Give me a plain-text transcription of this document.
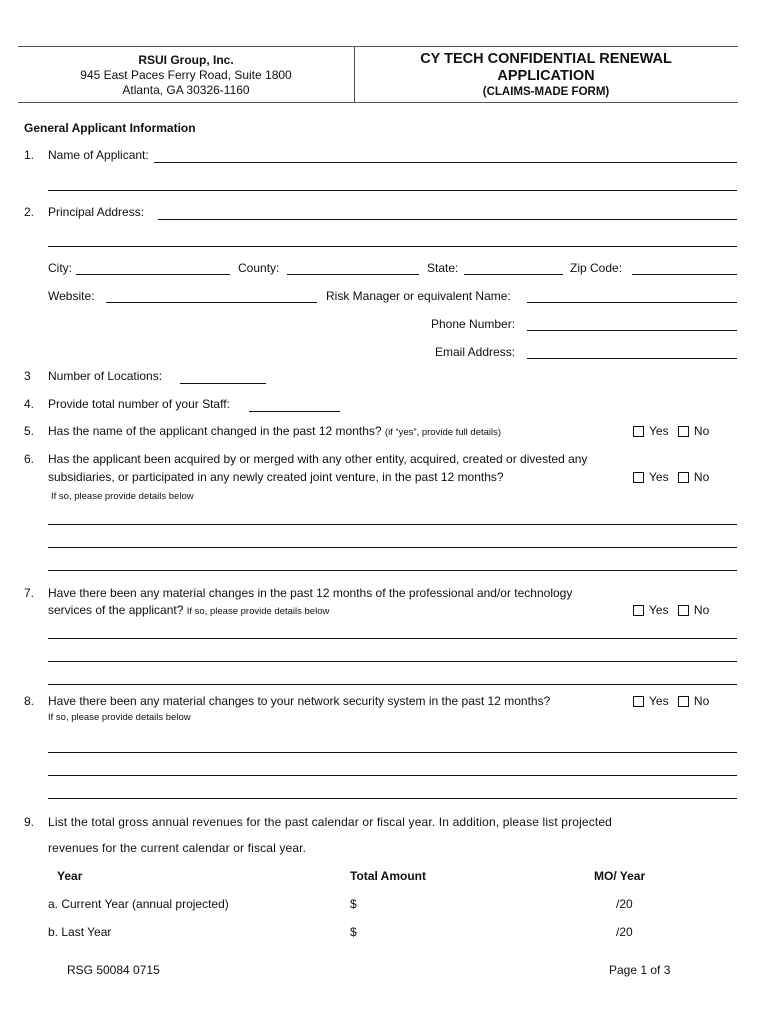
RSUI Group, Inc.
945 East Paces Ferry Road, Suite 1800
Atlanta, GA 30326-1160
CY TECH CONFIDENTIAL RENEWAL
APPLICATION
(CLAIMS-MADE FORM)
General Applicant Information
1. Name of Applicant:
2. Principal Address:
City:	County:	State:	Zip Code:
Website:	Risk Manager or equivalent Name:
Phone Number:
Email Address:
3 Number of Locations:
4. Provide total number of your Staff:
5. Has the name of the applicant changed in the past 12 months? (if “yes”, provide full details)	Yes No
6. Has the applicant been acquired by or merged with any other entity, acquired, created or divested any
subsidiaries, or participated in any newly created joint venture, in the past 12 months?	Yes No
If so, please provide details below
7. Have there been any material changes in the past 12 months of the professional and/or technology
services of the applicant? If so, please provide details below	Yes No
8. Have there been any material changes to your network security system in the past 12 months?	Yes No
If so, please provide details below
9. List the total gross annual revenues for the past calendar or fiscal year. In addition, please list projected
revenues for the current calendar or fiscal year.
Year	Total Amount	MO/ Year
a. Current Year (annual projected)	$	/20
b. Last Year	$	/20
RSG 50084 0715	Page 1 of 3
